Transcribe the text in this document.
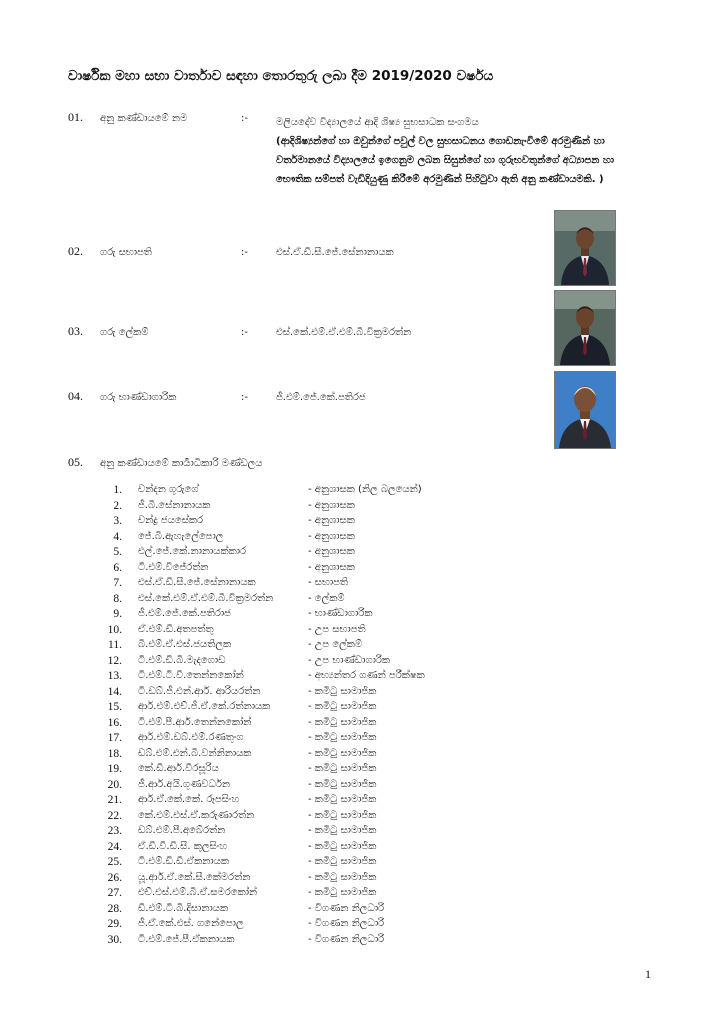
වාර්ෂික මහා සභා වාර්තාව සඳහා තොරතුරු ලබා දීම 2019/2020 වර්ෂය
01. අනු කණ්ඩායමේ නම	:-	මලියදේව විද්‍යාලයේ ආදි ශිෂ්‍ය සුභසාධක සංගමය
(ආදිශිෂ්‍යන්ගේ හා ඔවුන්ගේ පවුල් වල සුභසාධනය ගොඩනැංවීමේ අරමුණින් හා වර්තමානයේ විද්‍යාලයේ ඉගෙනුම ලබන සිසුන්ගේ හා ගුරුභවතුන්ගේ අධ්‍යාපන හා භෞතික සම්පත් වැඩිදියුණු කිරීමේ අරමුණින් පිහිටුවා ඇති අනු කණ්ඩායමකි. )
02. ගරු සභාපති	:-	එස්.ඒ.ඩී.සී.ජේ.සේනානායක
03. ගරු ලේකම්	:-	එස්.කේ.එම්.ඒ.එම්.බී.වික්‍රමරත්න
04. ගරු භාණ්ඩාගාරික	:-	ජී.එම්.ජේ.කේ.පතිරජ
05. අනු කණ්ඩායමේ කාර්‍යාධිකාරි මණ්ඩලය
1. චන්දන ගුරුගේ	- අනුශාසක (නිල බලයෙන්)
2. ජී.බී.සේනානායක	- අනුශාසක
3. චන්ද්‍ර ජයසේකර	- අනුශාසක
4. ජේ.බී.ඇහැලේපොල	- අනුශාසක
5. එල්.ජේ.කේ.නානායක්කාර	- අනුශාසක
6. ටී.එම්.විජේරත්න	- අනුශාසක
7. එස්.ඒ.ඩී.සී.ජේ.සේනානායක	- සභාපති
8. එස්.කේ.එම්.ඒ.එම්.බී.වික්‍රමරත්න	- ලේකම්
9. ජී.එම්.ජේ.කේ.පතිරාජ	- භාණ්ඩාගාරික
10. ඒ.එම්.ඩී.අතපත්තු	- උප සභාපති
11. බී.එම්.ඒ.එස්.ජයතිලක	- උප ලේකම්
12. ටී.එම්.ඩී.බී.මැදගොඩ	- උප භාණ්ඩාගාරික
13. ටී.එම්.ටී.වී.තෙන්නකෝන්	- අභ්‍යන්තර ගණන් පරීක්ෂක
14. ටී.ඩබ්.ජී.එන්.ආර්. ආරියරත්න	- කමිටු සාමාජික
15. ආර්.එම්.එච්.ජී.ඒ.කේ.රත්නායක	- කමිටු සාමාජික
16. ටී.එම්.පී.ආර්.තෙන්නකෝන්	- කමිටු සාමාජික
17. ආර්.එම්.ඩබ්.එම්.රණතුංග	- කමිටු සාමාජික
18. ඩබ්.එම්.එන්.බී.වන්නිනායක	- කමිටු සාමාජික
19. කේ.ඩී.ආර්.වීරසූරිය	- කමිටු සාමාජික
20. ජී.ආර්.අයි.ගුණවර්ධන	- කමිටු සාමාජික
21. ආර්.ඒ.කේ.කේ. රූපසිංහ	- කමිටු සාමාජික
22. කේ.එම්.එස්.ඒ.කරුණාරත්න	- කමිටු සාමාජික
23. ඩබ්.එම්.පී.අබේරත්න	- කමිටු සාමාජික
24. ඒ.ඩී.වී.ඩී.සී. කුලසිංහ	- කමිටු සාමාජික
25. ටී.එම්.ඩී.ඩී.ඒකනායක	- කමිටු සාමාජික
26. යූ.ආර්.ඒ.කේ.සී.කේමරත්න	- කමිටු සාමාජික
27. එච්.එස්.එම්.බී.ඒ.සමරකෝන්	- කමිටු සාමාජික
28. ඩී.එම්.ටී.බී.දිසානායක	- විගණන නිලධාරි
29. ජී.ඒ.කේ.එස්. ගනේපොල	- විගණන නිලධාරි
30. ටී.එම්.ජේ.පී.ඒකනායක	- විගණන නිලධාරි
1
